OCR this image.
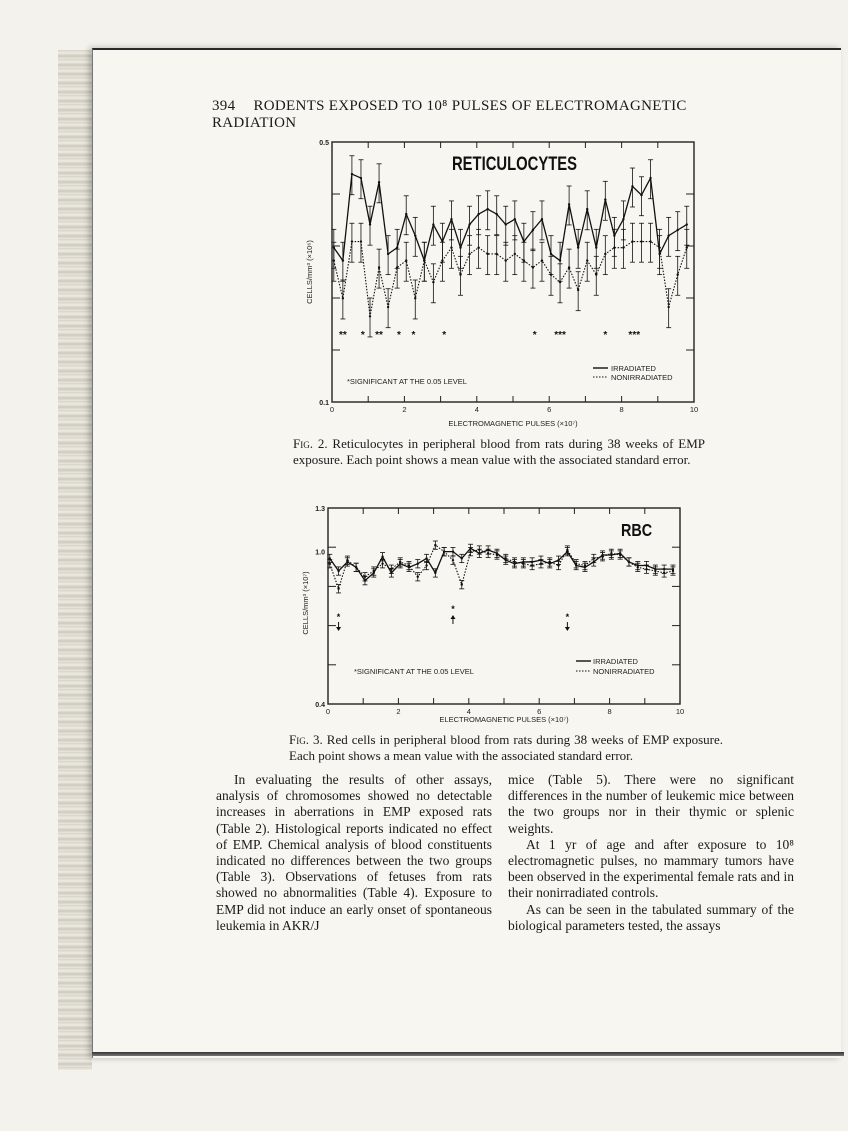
394 RODENTS EXPOSED TO 10⁸ PULSES OF ELECTROMAGNETIC RADIATION
0	2	4	6	8	10
0.1
0.5
RETICULOCYTES
CELLS/mm³ (×10⁶)
ELECTROMAGNETIC PULSES (×10⁷)
** * ** * *	*	* ***	* ***
*SIGNIFICANT AT THE 0.05 LEVEL
IRRADIATED
NONIRRADIATED
Fig. 2. Reticulocytes in peripheral blood from rats during 38 weeks of EMP exposure. Each point shows a mean value with the associated standard error.
0	2	4	6	8	10
0.4
1.0
1.3
RBC
CELLS/mm³ (×10⁷)
ELECTROMAGNETIC PULSES (×10⁷)
*
*
*
*SIGNIFICANT AT THE 0.05 LEVEL
IRRADIATED
NONIRRADIATED
Fig. 3. Red cells in peripheral blood from rats during 38 weeks of EMP exposure. Each point shows a mean value with the associated standard error.

In evaluating the results of other assays, analysis of chromosomes showed no detectable increases in aberrations in EMP exposed rats (Table 2). Histological reports indicated no effect of EMP. Chemical analysis of blood constituents indicated no differences between the two groups (Table 3). Observations of fetuses from rats showed no abnormalities (Table 4). Exposure to EMP did not induce an early onset of spontaneous leukemia in AKR/J

mice (Table 5). There were no significant differences in the number of leukemic mice between the two groups nor in their thymic or splenic weights.

At 1 yr of age and after exposure to 10⁸ electromagnetic pulses, no mammary tumors have been observed in the experimental female rats and in their nonirradiated controls.

As can be seen in the tabulated summary of the biological parameters tested, the assays
